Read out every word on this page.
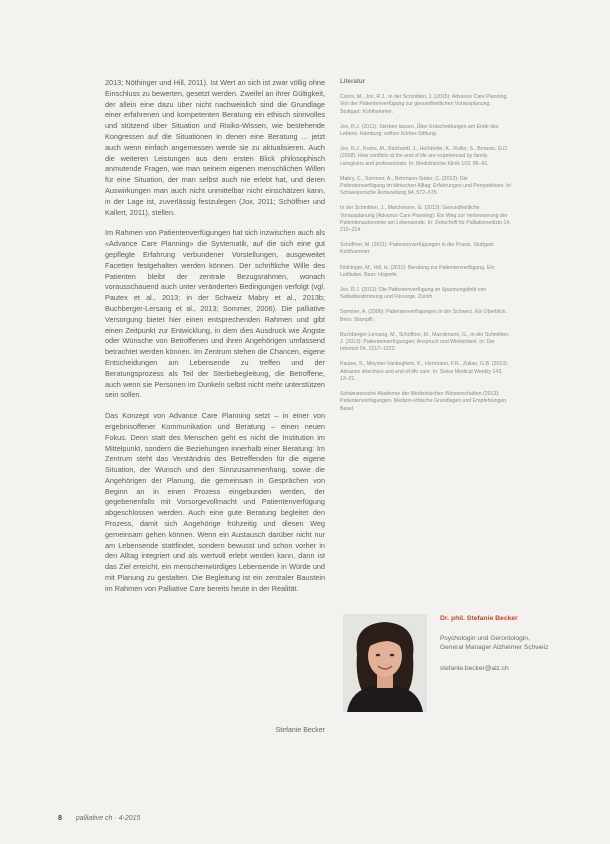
2013; Nöthinger und Hill, 2011). Ist Wert an sich ist zwar völlig ohne Einschluss zu bewerten, gesetzt werden. Zweifel an ihrer Gültigkeit, der allein eine dazu über nicht nachweislich sind die Grundlage einer erfahrenen und kompetenten Beratung ein ethisch sinnvolles und stützend über Situation und Risiko-Wissen, wie bestehende Kongressen auf die Situationen in denen eine Beratung ... jetzt auch wenn einfach angemessen werde sie zu aktualisieren. Auch die weiteren Leistungen aus dem ersten Blick philosophisch anmutende Fragen, wie man seinem eigenen menschlichen Willen für eine Situation, der man selbst auch nie erlebt hat, und deren Auswirkungen man auch nicht unmittelbar nicht einschätzen kann, in der Lage ist, zuverlässig festzulegen (Jox, 2011; Schöffner und Kallert, 2011), stellen.

Im Rahmen von Patientenverfügungen hat sich inzwischen auch als «Advance Care Planning» die Systematik, auf die sich eine gut gepflegte Erfahrung verbundener Vorstellungen, ausgeweitet Facetten festgehalten werden können. Der schriftliche Wille des Patienten bleibt der zentrale Bezugsrahmen, wonach vorausschauend auch unter veränderten Bedingungen verfolgt (vgl. Pautex et al., 2013; in der Schweiz Mabry et al., 2013b; Buchberger-Lersang et al., 2013; Sommer, 2006). Die palliative Versorgung bietet hier einen entsprechenden Rahmen und gibt einen Zeitpunkt zur Entwicklung, in dem dies Ausdruck wie Ängste oder Wünsche von Betroffenen und ihren Angehörigen umfassend betrachtet werden können. Im Zentrum stehen die Chancen, eigene Entscheidungen am Lebensende zu treffen und der Beratungsprozess als Teil der Sterbebegleitung, die Betroffene, auch wenn sie Personen im Dunkeln selbst nicht mehr unterstützen sein sollen.

Das Konzept von Advance Care Planning setzt – in einer von ergebnisoffener Kommunikation und Beratung – einen neuen Fokus. Denn statt des Menschen geht es nicht die Institution im Mittelpunkt, sondern die Beziehungen innerhalb einer Beratung: Im Zentrum steht das Verständnis des Betreffenden für die eigene Situation, der Wunsch und den Sinnzusammenhang, sowie die Angehörigen der Planung, die gemeinsam in Gesprächen von Beginn an in einen Prozess eingebunden werden, der gegebenenfalls mit Vorsorgevollmacht und Patientenverfügung abgeschlossen werden. Auch eine gute Beratung begleitet den Prozess, damit sich Angehörige frühzeitig und diesen Weg gemeinsam gehen können. Wenn ein Austausch darüber nicht nur am Lebensende stattfindet, sondern bewusst und schon vorher in den Alltag integriert und als wertvoll erlebt werden kann, dann ist das Ziel erreicht, ein menschenwürdiges Lebensende in Würde und mit Planung zu gestalten. Die Begleitung ist ein zentraler Baustein im Rahmen von Palliative Care bereits heute in der Realität.

Stefanie Becker
Literatur
Coors, M., Jox, R.J., in der Schmitten, J. (2015): Advance Care Planning. Von der Patientenverfügung zur gesundheitlichen Vorausplanung. Stuttgart: Kohlhammer.
Jox, R.J. (2011): Sterben lassen. Über Entscheidungen am Ende des Lebens. Hamburg: edition Körber-Stiftung.
Jox, R.J., Krebs, M., Bickhardt, J., Heßdörfer, K., Roller, S., Borasio, G.D. (2008): How conflicts at the end of life are experienced by family caregivers and professionals. In: Medizinische Klinik 103, 86–91.
Mabry, C., Sommer, A., Rehmann-Sutter, C. (2013): Die Patientenverfügung im klinischen Alltag: Erfahrungen und Perspektiven. In: Schweizerische Ärztezeitung 94, 572–575.
In der Schmitten, J., Marckmann, G. (2013): Gesundheitliche Vorausplanung (Advance Care Planning): Ein Weg zur Verbesserung der Patientenautonomie am Lebensende. In: Zeitschrift für Palliativmedizin 14, 210–214.
Schöffner, M. (2011): Patientenverfügungen in der Praxis. Stuttgart: Kohlhammer.
Nöthinger, M., Hill, H. (2011): Beratung zur Patientenverfügung. Ein Leitfaden. Bern: Hogrefe.
Jox, R.J. (2011): Die Patientenverfügung im Spannungsfeld von Selbstbestimmung und Fürsorge. Zürich.
Sommer, A. (2006): Patientenverfügungen in der Schweiz. Ein Überblick. Bern: Stämpfli.
Buchberger-Lersang, M., Schöffner, M., Marckmann, G., in der Schmitten, J. (2013): Patientenverfügungen: Anspruch und Wirklichkeit. In: Der Internist 54, 1217–1223.
Pautex, S., Moynier-Vantieghem, K., Herrmann, F.R., Zulian, G.B. (2013): Advance directives and end-of-life care. In: Swiss Medical Weekly 143, 13–21.
Schweizerische Akademie der Medizinischen Wissenschaften (2013): Patientenverfügungen. Medizin-ethische Grundlagen und Empfehlungen. Basel.
Dr. phil. Stefanie Becker
Psychologin und Gerontologin, General Manager Alzheimer Schweiz
stefanie.becker@alz.ch
8 palliative ch · 4-2015
